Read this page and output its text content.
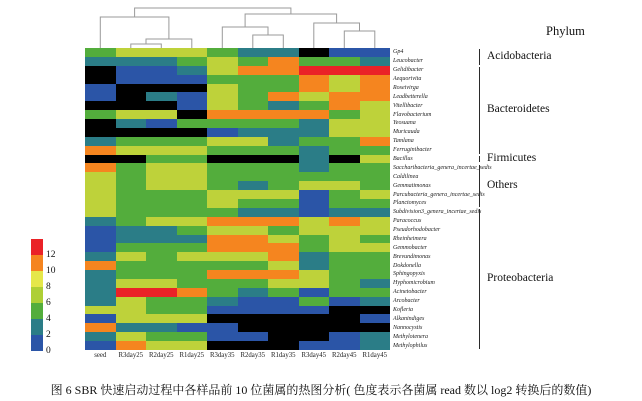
Gp4
Leucobacter
Gelidibacter
Aequorivita
Roseivirga
Leadbetterella
Vitellibacter
Flavobacterium
Yeosuana
Muricauda
Tamlana
Ferruginibacter
Bacillus
Saccharibacteria_genera_incertae_sedis
Caldilinea
Gemmatimonas
Parcubacteria_genera_incertae_sedis
Planctomyces
Subdivision3_genera_incertae_sedis
Paracoccus
Pseudorhodobacter
Rheinheimera
Gemmobacter
Brevundimonas
Dokdonella
Sphingopyxis
Hyphomicrobium
Acinetobacter
Arcobacter
Kofleria
Alkanindiges
Nannocystis
Methylotenera
Methylophilus
seed	R3day25 R2day25 R1day25 R3day35 R2day35 R1day35 R3day45 R2day45 R1day45
Acidobacteria
Bacteroidetes
Firmicutes
Others
Proteobacteria
Phylum
12
10
8
6
4
2
0
图 6 SBR 快速启动过程中各样品前 10 位菌属的热图分析( 色度表示各菌属 read 数以 log2 转换后的数值)
